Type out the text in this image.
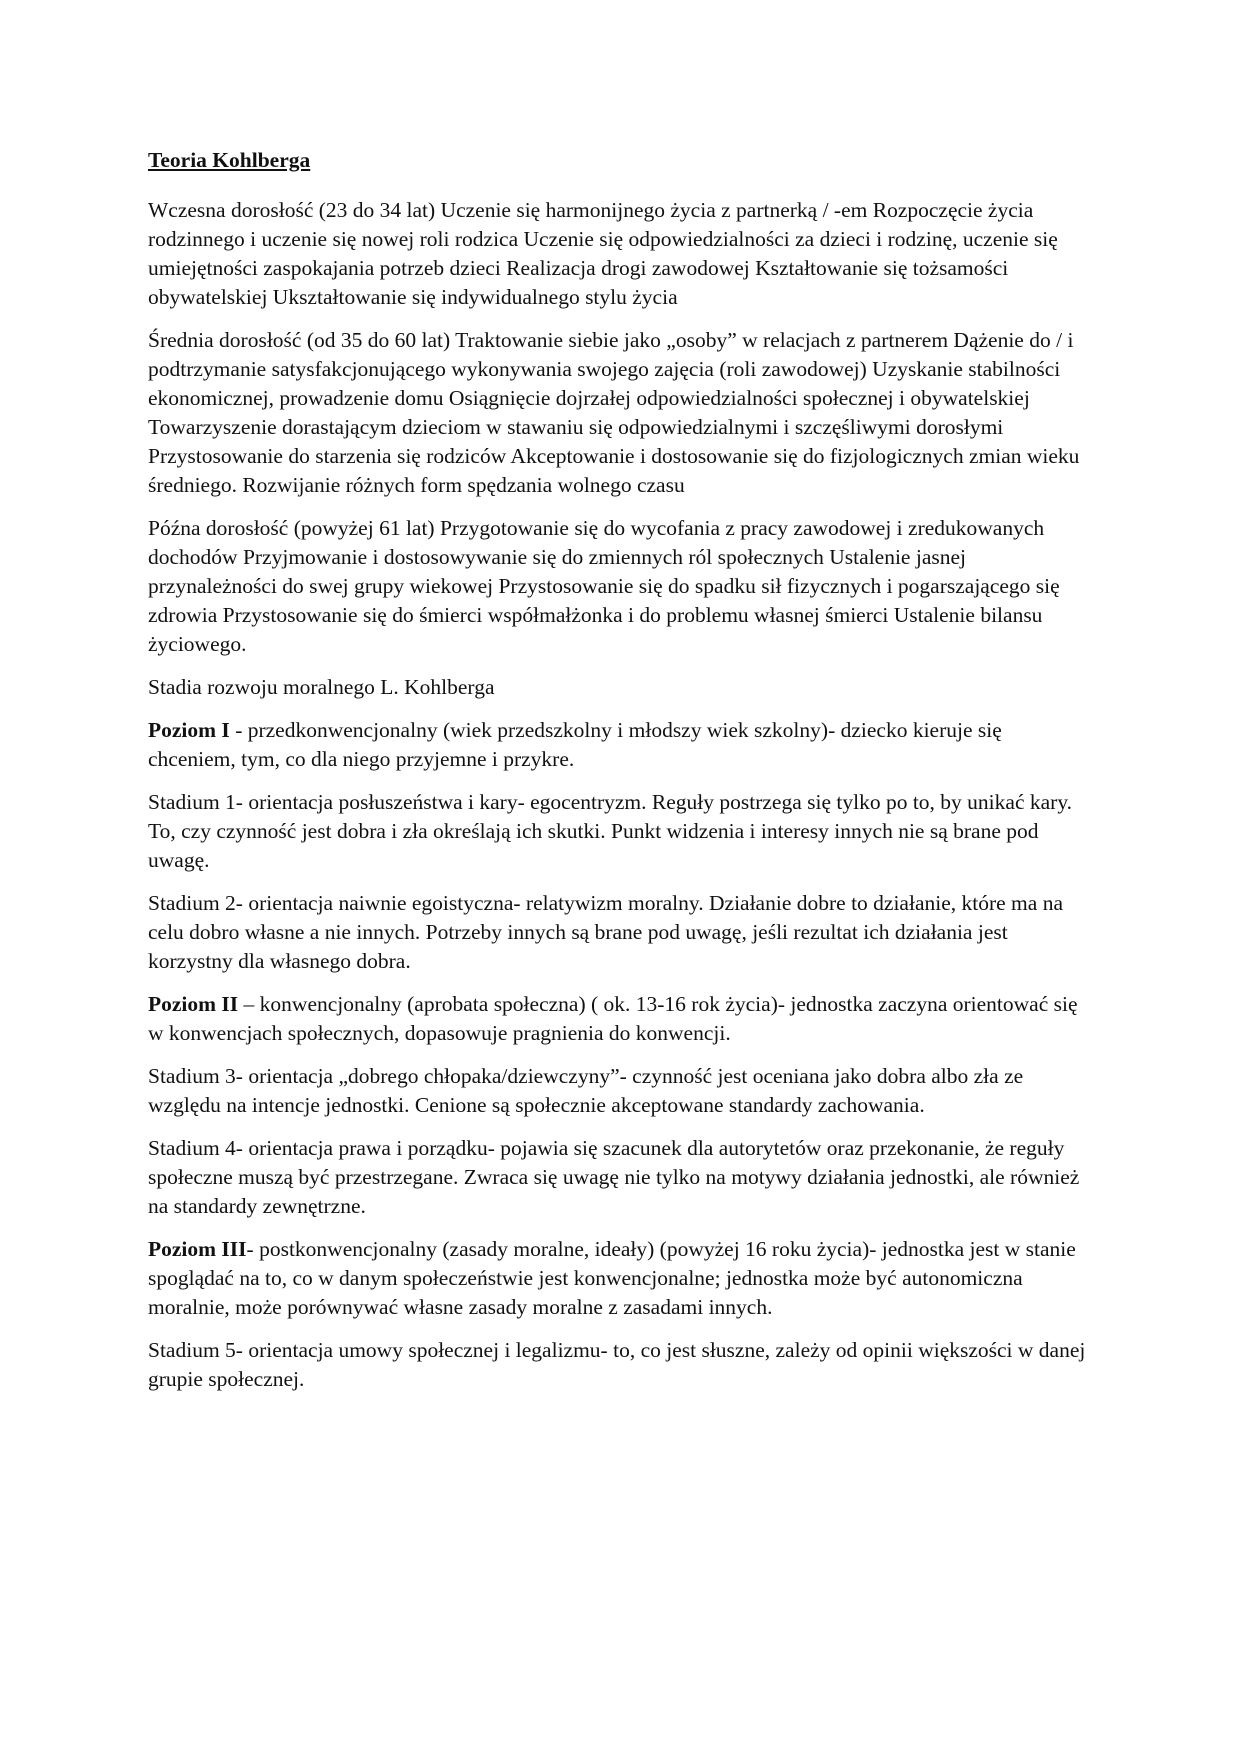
Teoria Kohlberga

Wczesna dorosłość (23 do 34 lat) Uczenie się harmonijnego życia z partnerką / -em Rozpoczęcie życia rodzinnego i uczenie się nowej roli rodzica Uczenie się odpowiedzialności za dzieci i rodzinę, uczenie się umiejętności zaspokajania potrzeb dzieci Realizacja drogi zawodowej Kształtowanie się tożsamości obywatelskiej Ukształtowanie się indywidualnego stylu życia

Średnia dorosłość (od 35 do 60 lat) Traktowanie siebie jako „osoby” w relacjach z partnerem Dążenie do / i podtrzymanie satysfakcjonującego wykonywania swojego zajęcia (roli zawodowej) Uzyskanie stabilności ekonomicznej, prowadzenie domu Osiągnięcie dojrzałej odpowiedzialności społecznej i obywatelskiej Towarzyszenie dorastającym dzieciom w stawaniu się odpowiedzialnymi i szczęśliwymi dorosłymi Przystosowanie do starzenia się rodziców Akceptowanie i dostosowanie się do fizjologicznych zmian wieku średniego. Rozwijanie różnych form spędzania wolnego czasu

Późna dorosłość (powyżej 61 lat) Przygotowanie się do wycofania z pracy zawodowej i zredukowanych dochodów Przyjmowanie i dostosowywanie się do zmiennych ról społecznych Ustalenie jasnej przynależności do swej grupy wiekowej Przystosowanie się do spadku sił fizycznych i pogarszającego się zdrowia Przystosowanie się do śmierci współmałżonka i do problemu własnej śmierci Ustalenie bilansu życiowego.

Stadia rozwoju moralnego L. Kohlberga

Poziom I - przedkonwencjonalny (wiek przedszkolny i młodszy wiek szkolny)- dziecko kieruje się chceniem, tym, co dla niego przyjemne i przykre.

Stadium 1- orientacja posłuszeństwa i kary- egocentryzm. Reguły postrzega się tylko po to, by unikać kary. To, czy czynność jest dobra i zła określają ich skutki. Punkt widzenia i interesy innych nie są brane pod uwagę.

Stadium 2- orientacja naiwnie egoistyczna- relatywizm moralny. Działanie dobre to działanie, które ma na celu dobro własne a nie innych. Potrzeby innych są brane pod uwagę, jeśli rezultat ich działania jest korzystny dla własnego dobra.

Poziom II – konwencjonalny (aprobata społeczna) ( ok. 13-16 rok życia)- jednostka zaczyna orientować się w konwencjach społecznych, dopasowuje pragnienia do konwencji.

Stadium 3- orientacja „dobrego chłopaka/dziewczyny”- czynność jest oceniana jako dobra albo zła ze względu na intencje jednostki. Cenione są społecznie akceptowane standardy zachowania.

Stadium 4- orientacja prawa i porządku- pojawia się szacunek dla autorytetów oraz przekonanie, że reguły społeczne muszą być przestrzegane. Zwraca się uwagę nie tylko na motywy działania jednostki, ale również na standardy zewnętrzne.

Poziom III- postkonwencjonalny (zasady moralne, ideały) (powyżej 16 roku życia)- jednostka jest w stanie spoglądać na to, co w danym społeczeństwie jest konwencjonalne; jednostka może być autonomiczna moralnie, może porównywać własne zasady moralne z zasadami innych.

Stadium 5- orientacja umowy społecznej i legalizmu- to, co jest słuszne, zależy od opinii większości w danej grupie społecznej.
